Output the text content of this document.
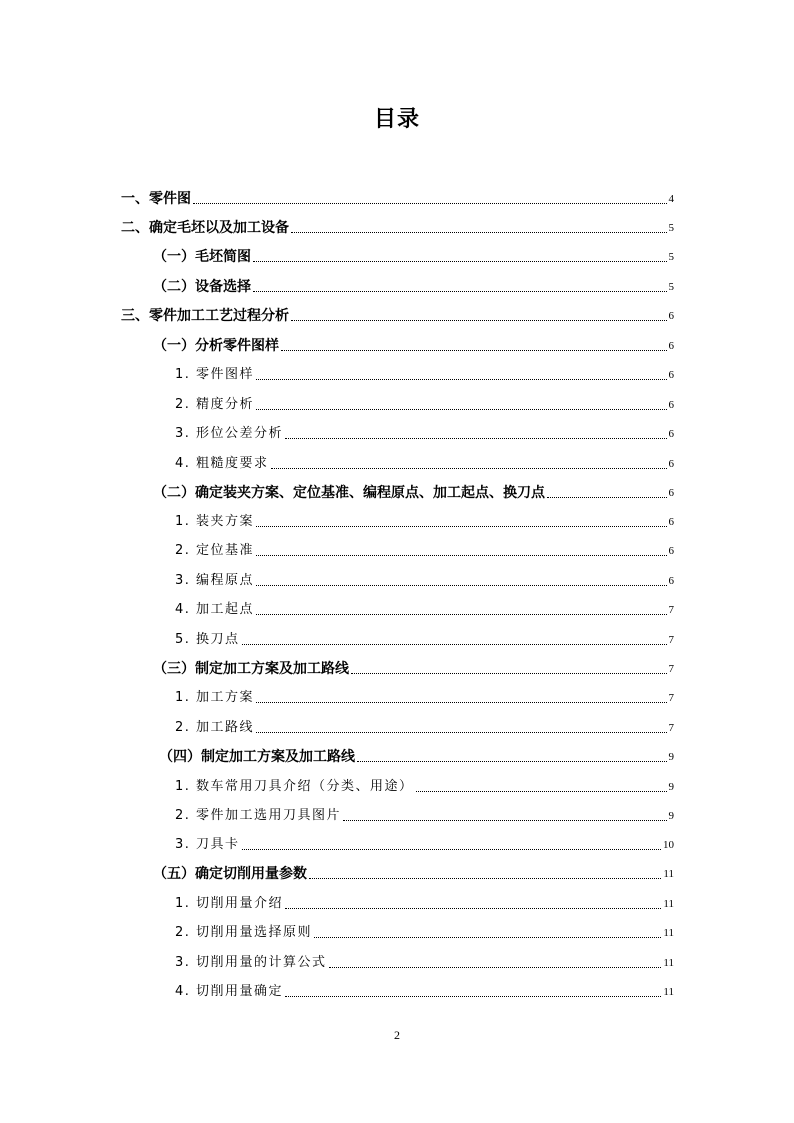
目录
一、零件图	4
二、确定毛坯以及加工设备	5
（一）毛坯简图	5
（二）设备选择	5
三、零件加工工艺过程分析	6
（一）分析零件图样	6
1. 零件图样	6
2. 精度分析	6
3. 形位公差分析	6
4. 粗糙度要求	6
（二）确定装夹方案、定位基准、编程原点、加工起点、换刀点	6
1. 装夹方案	6
2. 定位基准	6
3. 编程原点	6
4. 加工起点	7
5. 换刀点	7
（三）制定加工方案及加工路线	7
1. 加工方案	7
2. 加工路线	7
（四）制定加工方案及加工路线	9
1. 数车常用刀具介绍（分类、用途）	9
2. 零件加工选用刀具图片	9
3. 刀具卡	10
（五）确定切削用量参数	11
1. 切削用量介绍	11
2. 切削用量选择原则	11
3. 切削用量的计算公式	11
4. 切削用量确定	11
2
